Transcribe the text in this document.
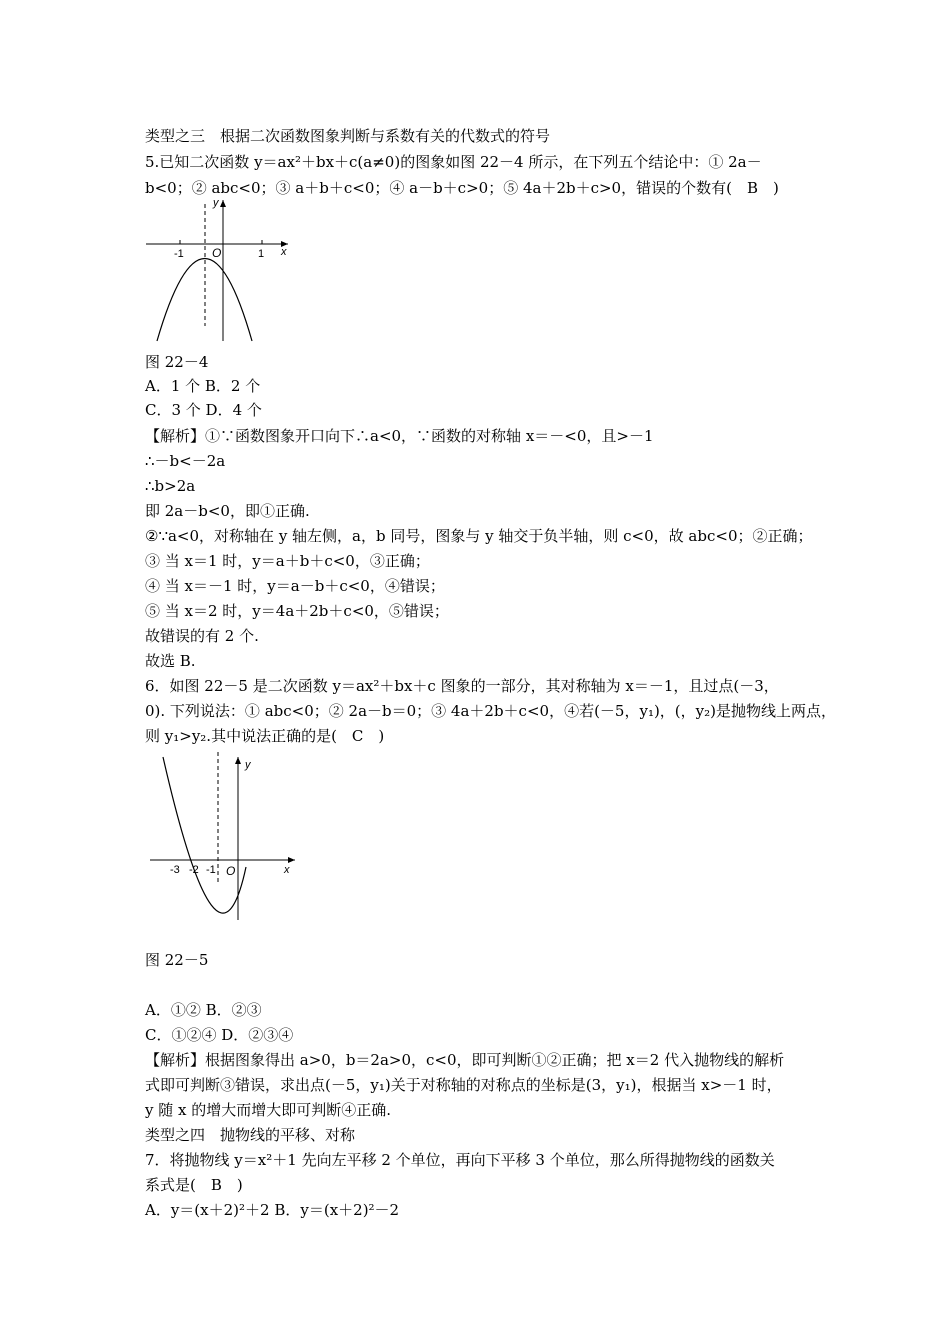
类型之三　根据二次函数图象判断与系数有关的代数式的符号
5.已知二次函数 y＝ax²＋bx＋c(a≠0)的图象如图 22－4 所示，在下列五个结论中：① 2a－
b<0；② abc<0；③ a＋b＋c<0；④ a－b＋c>0；⑤ 4a＋2b＋c>0，错误的个数有(　B　)
-1	1
O	x
y
图 22－4
A．1 个 B．2 个
C．3 个 D．4 个
【解析】①∵函数图象开口向下∴a<0，∵函数的对称轴 x＝－<0，且>－1
∴－b<－2a
∴b>2a
即 2a－b<0，即①正确.
②∵a<0，对称轴在 y 轴左侧，a，b 同号，图象与 y 轴交于负半轴，则 c<0，故 abc<0；②正确；
③ 当 x＝1 时，y＝a＋b＋c<0，③正确；
④ 当 x＝－1 时，y＝a－b＋c<0，④错误；
⑤ 当 x＝2 时，y＝4a＋2b＋c<0，⑤错误；
故错误的有 2 个.
故选 B.
6．如图 22－5 是二次函数 y＝ax²＋bx＋c 图象的一部分，其对称轴为 x＝－1，且过点(－3，
0). 下列说法：① abc<0；② 2a－b＝0；③ 4a＋2b＋c<0，④若(－5，y₁)，(，y₂)是抛物线上两点，
则 y₁>y₂.其中说法正确的是(　C　)
-3 -2 -1 O	x
y
图 22－5
A．①② B．②③
C．①②④ D．②③④
【解析】根据图象得出 a>0，b＝2a>0，c<0，即可判断①②正确；把 x＝2 代入抛物线的解析
式即可判断③错误，求出点(－5，y₁)关于对称轴的对称点的坐标是(3，y₁)，根据当 x>－1 时，
y 随 x 的增大而增大即可判断④正确.
类型之四　抛物线的平移、对称
7．将抛物线 y＝x²＋1 先向左平移 2 个单位，再向下平移 3 个单位，那么所得抛物线的函数关
系式是(　B　)
A．y＝(x＋2)²＋2 B．y＝(x＋2)²－2
